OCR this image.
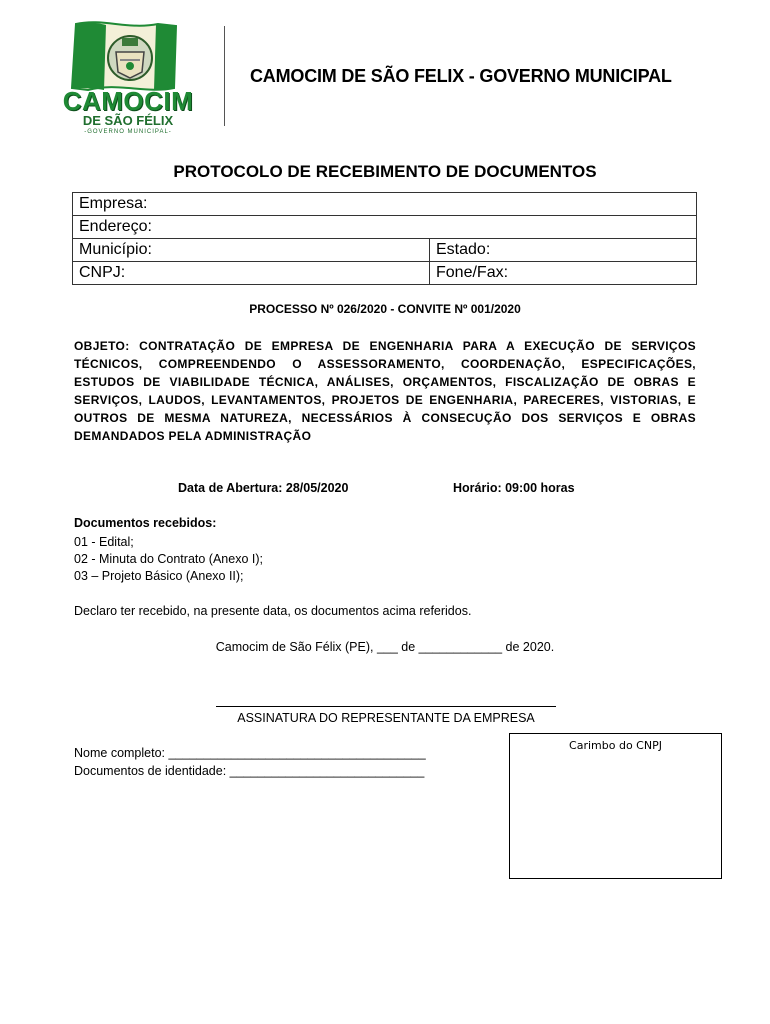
CAMOCIM
DE SÃO FÉLIX
-GOVERNO MUNICIPAL-
CAMOCIM DE SÃO FELIX - GOVERNO MUNICIPAL
PROTOCOLO DE RECEBIMENTO DE DOCUMENTOS
Empresa:	
Endereço:	
Município:	Estado:
CNPJ:	Fone/Fax:
PROCESSO Nº 026/2020 - CONVITE Nº 001/2020
OBJETO: CONTRATAÇÃO DE EMPRESA DE ENGENHARIA PARA A EXECUÇÃO DE SERVIÇOS TÉCNICOS, COMPREENDENDO O ASSESSORAMENTO, COORDENAÇÃO, ESPECIFICAÇÕES, ESTUDOS DE VIABILIDADE TÉCNICA, ANÁLISES, ORÇAMENTOS, FISCALIZAÇÃO DE OBRAS E SERVIÇOS, LAUDOS, LEVANTAMENTOS, PROJETOS DE ENGENHARIA, PARECERES, VISTORIAS, E OUTROS DE MESMA NATUREZA, NECESSÁRIOS À CONSECUÇÃO DOS SERVIÇOS E OBRAS DEMANDADOS PELA ADMINISTRAÇÃO
Data de Abertura: 28/05/2020	Horário: 09:00 horas
Documentos recebidos:
01 - Edital;
02 - Minuta do Contrato (Anexo I);
03 – Projeto Básico (Anexo II);
Declaro ter recebido, na presente data, os documentos acima referidos.
Camocim de São Félix (PE), ___ de ____________ de 2020.
ASSINATURA DO REPRESENTANTE DA EMPRESA
Nome completo: _____________________________________
Documentos de identidade: ____________________________
Carimbo do CNPJ
